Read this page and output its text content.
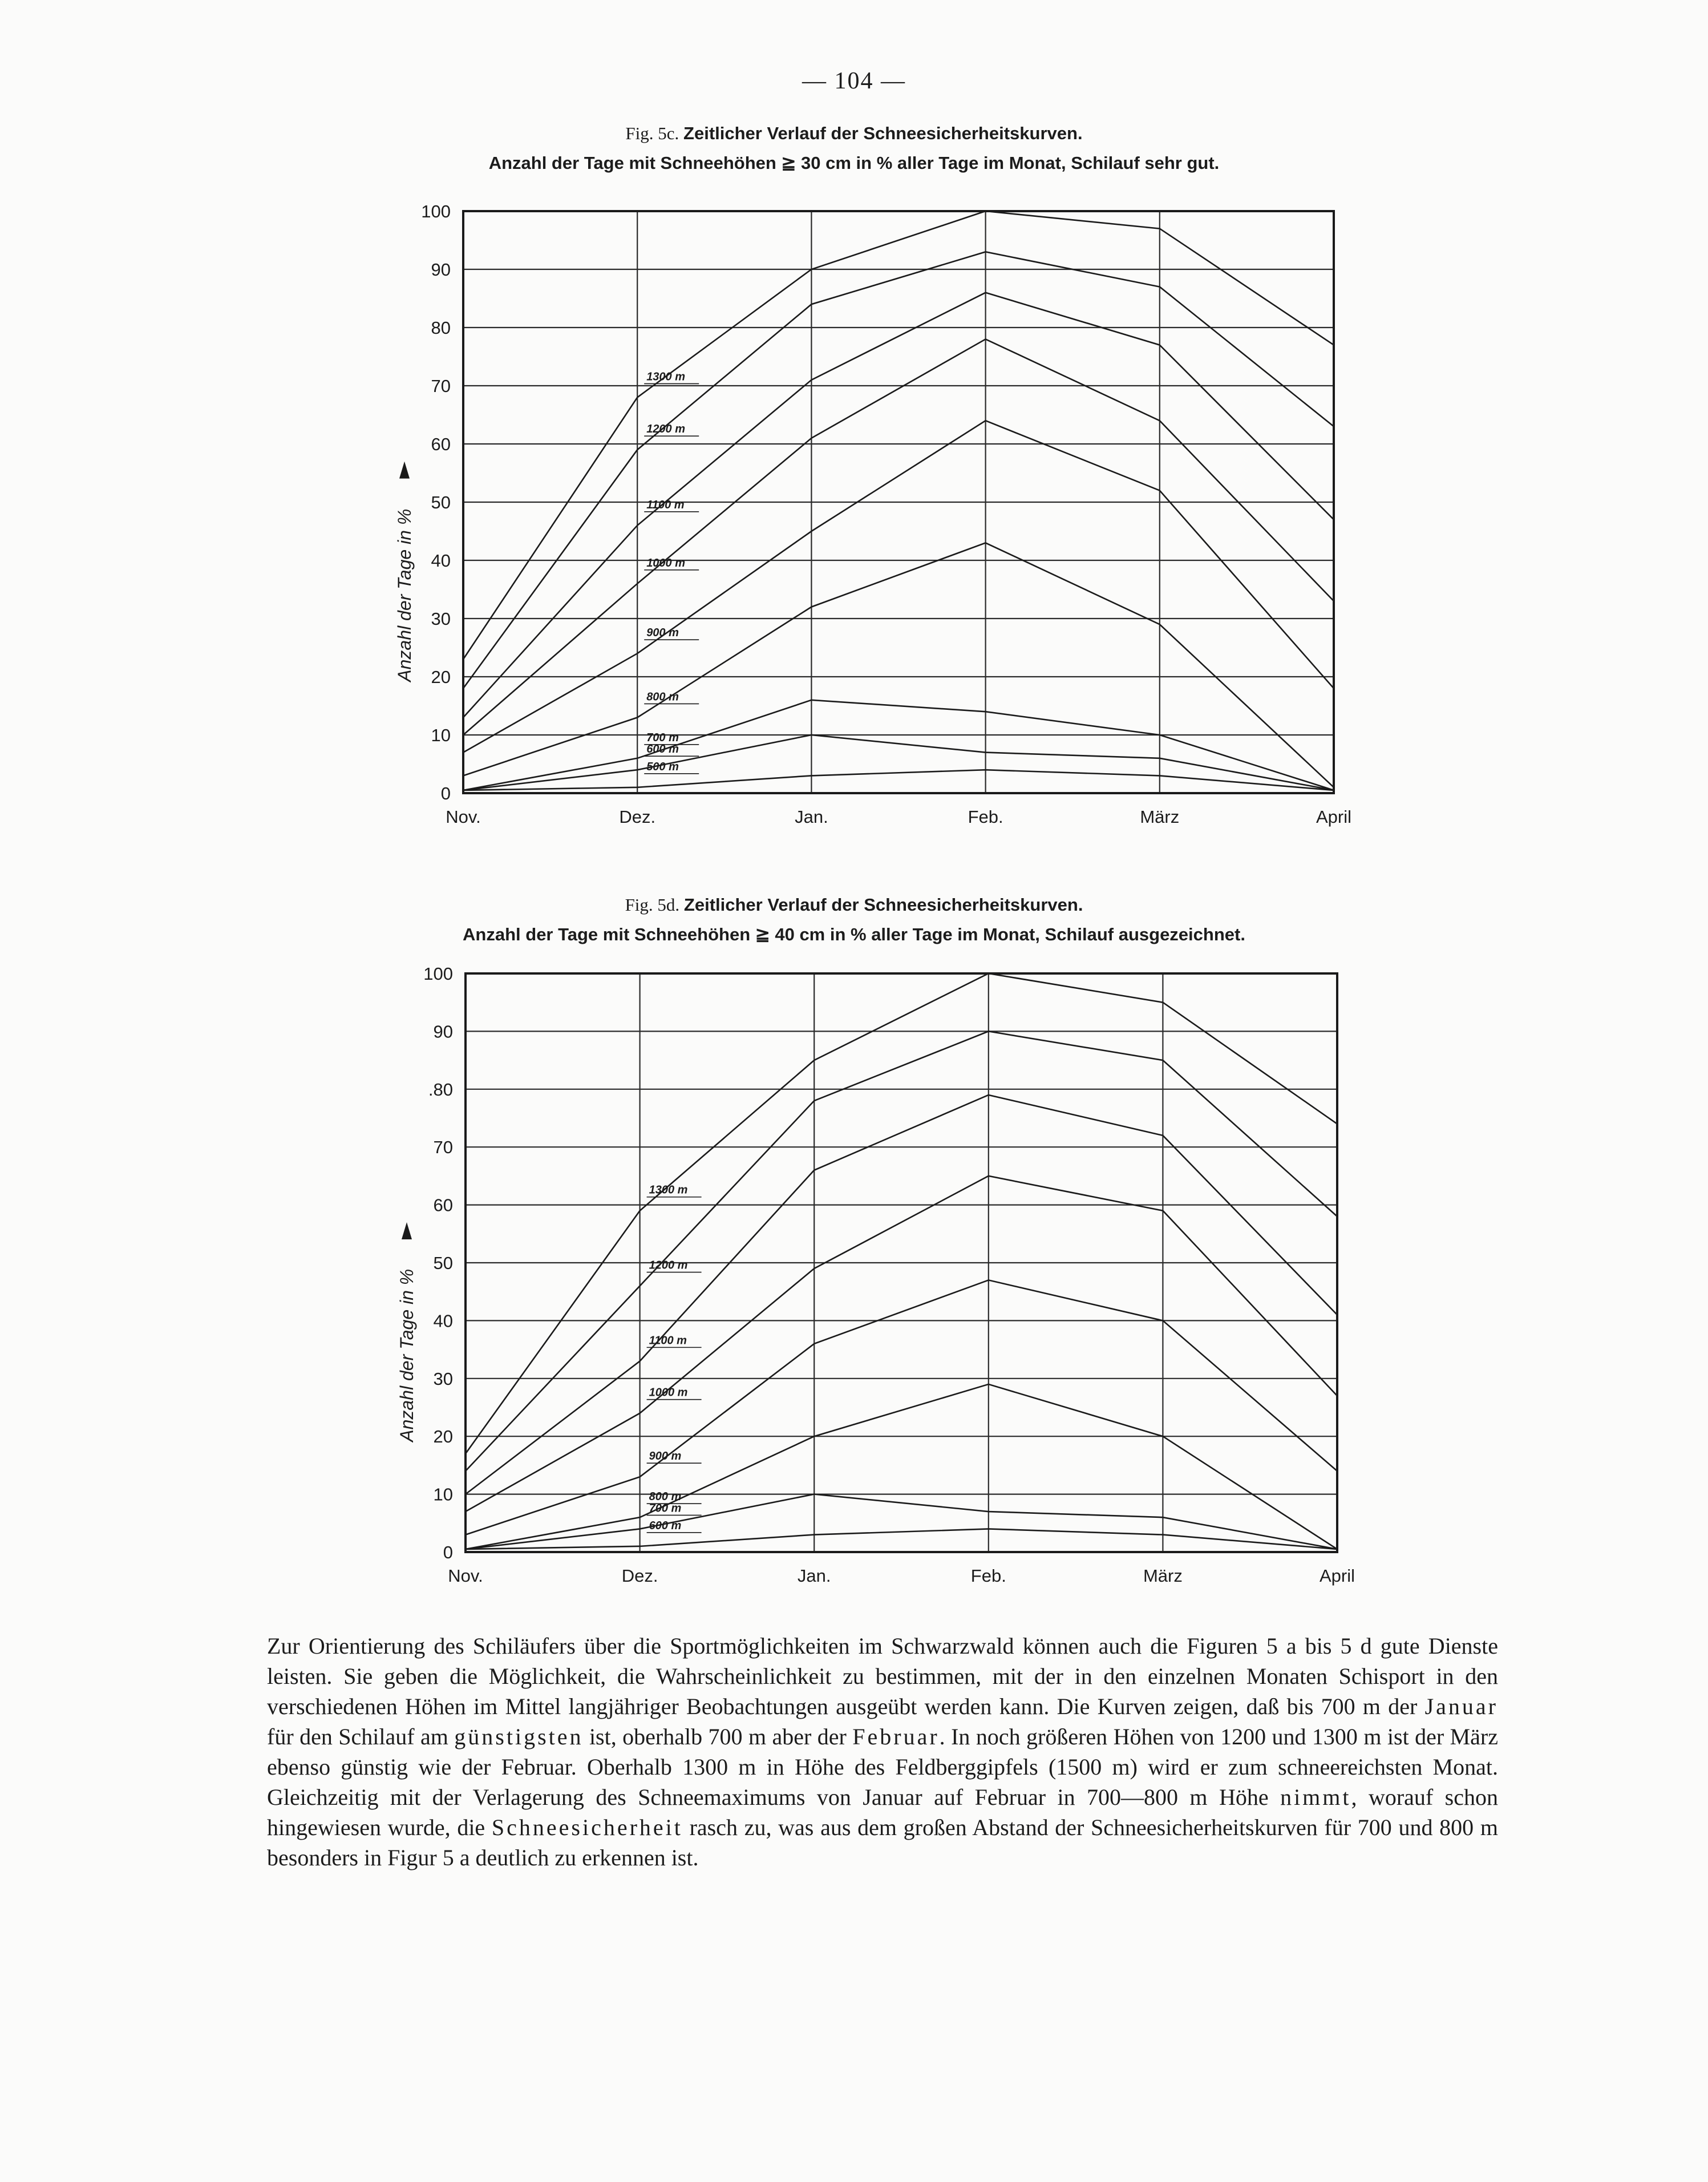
— 104 —
Fig. 5c. Zeitlicher Verlauf der Schneesicherheitskurven.
Anzahl der Tage mit Schneehöhen ≧ 30 cm in % aller Tage im Monat, Schilauf sehr gut.
0
10
20
30
40
50
60
70
80
90
100
Nov.	Dez.	Jan.	Feb.	März	April
Anzahl der Tage in %
1300 m
1200 m
1100 m
1000 m
900 m
800 m
700 m
600 m
500 m
Fig. 5d. Zeitlicher Verlauf der Schneesicherheitskurven.
Anzahl der Tage mit Schneehöhen ≧ 40 cm in % aller Tage im Monat, Schilauf ausgezeichnet.
0
10
20
30
40
50
60
70
.80
90
100
Nov.	Dez.	Jan.	Feb.	März	April
Anzahl der Tage in %
1300 m
1200 m
1100 m
1000 m
900 m
800 m
700 m
600 m
Zur Orientierung des Schiläufers über die Sportmöglichkeiten im Schwarzwald können auch die Figuren 5 a bis 5 d gute Dienste leisten. Sie geben die Möglichkeit, die Wahrscheinlichkeit zu bestimmen, mit der in den einzelnen Monaten Schisport in den verschiedenen Höhen im Mittel langjähriger Beobachtungen ausgeübt werden kann. Die Kurven zeigen, daß bis 700 m der Januar für den Schilauf am günstigsten ist, oberhalb 700 m aber der Februar. In noch größeren Höhen von 1200 und 1300 m ist der März ebenso günstig wie der Februar. Oberhalb 1300 m in Höhe des Feldberggipfels (1500 m) wird er zum schneereichsten Monat. Gleichzeitig mit der Verlagerung des Schneemaximums von Januar auf Februar in 700—800 m Höhe nimmt, worauf schon hingewiesen wurde, die Schneesicherheit rasch zu, was aus dem großen Abstand der Schneesicherheitskurven für 700 und 800 m besonders in Figur 5 a deutlich zu erkennen ist.
